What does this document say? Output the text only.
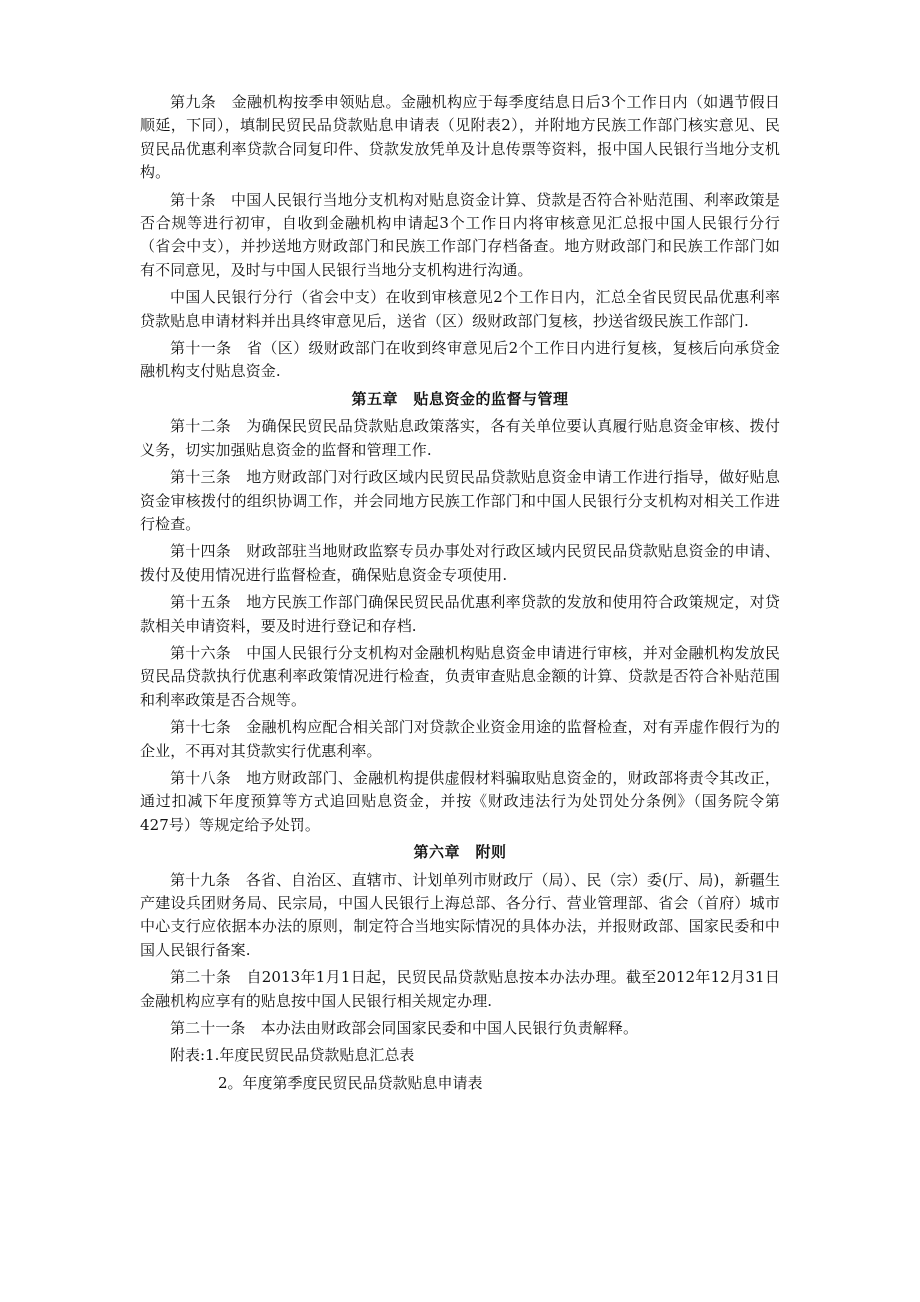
第九条　金融机构按季申领贴息。金融机构应于每季度结息日后3个工作日内（如遇节假日顺延，下同），填制民贸民品贷款贴息申请表（见附表2），并附地方民族工作部门核实意见、民贸民品优惠利率贷款合同复印件、贷款发放凭单及计息传票等资料，报中国人民银行当地分支机构。

第十条　中国人民银行当地分支机构对贴息资金计算、贷款是否符合补贴范围、利率政策是否合规等进行初审，自收到金融机构申请起3个工作日内将审核意见汇总报中国人民银行分行（省会中支），并抄送地方财政部门和民族工作部门存档备查。地方财政部门和民族工作部门如有不同意见，及时与中国人民银行当地分支机构进行沟通。

中国人民银行分行（省会中支）在收到审核意见2个工作日内，汇总全省民贸民品优惠利率贷款贴息申请材料并出具终审意见后，送省（区）级财政部门复核，抄送省级民族工作部门.

第十一条　省（区）级财政部门在收到终审意见后2个工作日内进行复核，复核后向承贷金融机构支付贴息资金.

第五章　贴息资金的监督与管理

第十二条　为确保民贸民品贷款贴息政策落实，各有关单位要认真履行贴息资金审核、拨付义务，切实加强贴息资金的监督和管理工作.

第十三条　地方财政部门对行政区域内民贸民品贷款贴息资金申请工作进行指导，做好贴息资金审核拨付的组织协调工作，并会同地方民族工作部门和中国人民银行分支机构对相关工作进行检查。

第十四条　财政部驻当地财政监察专员办事处对行政区域内民贸民品贷款贴息资金的申请、拨付及使用情况进行监督检查，确保贴息资金专项使用.

第十五条　地方民族工作部门确保民贸民品优惠利率贷款的发放和使用符合政策规定，对贷款相关申请资料，要及时进行登记和存档.

第十六条　中国人民银行分支机构对金融机构贴息资金申请进行审核，并对金融机构发放民贸民品贷款执行优惠利率政策情况进行检查，负责审查贴息金额的计算、贷款是否符合补贴范围和利率政策是否合规等。

第十七条　金融机构应配合相关部门对贷款企业资金用途的监督检查，对有弄虚作假行为的企业，不再对其贷款实行优惠利率。

第十八条　地方财政部门、金融机构提供虚假材料骗取贴息资金的，财政部将责令其改正，通过扣减下年度预算等方式追回贴息资金，并按《财政违法行为处罚处分条例》（国务院令第427号）等规定给予处罚。

第六章　附则

第十九条　各省、自治区、直辖市、计划单列市财政厅（局）、民（宗）委(厅、局)，新疆生产建设兵团财务局、民宗局，中国人民银行上海总部、各分行、营业管理部、省会（首府）城市中心支行应依据本办法的原则，制定符合当地实际情况的具体办法，并报财政部、国家民委和中国人民银行备案.

第二十条　自2013年1月1日起，民贸民品贷款贴息按本办法办理。截至2012年12月31日金融机构应享有的贴息按中国人民银行相关规定办理.

第二十一条　本办法由财政部会同国家民委和中国人民银行负责解释。

附表:1.年度民贸民品贷款贴息汇总表

2。年度第季度民贸民品贷款贴息申请表
